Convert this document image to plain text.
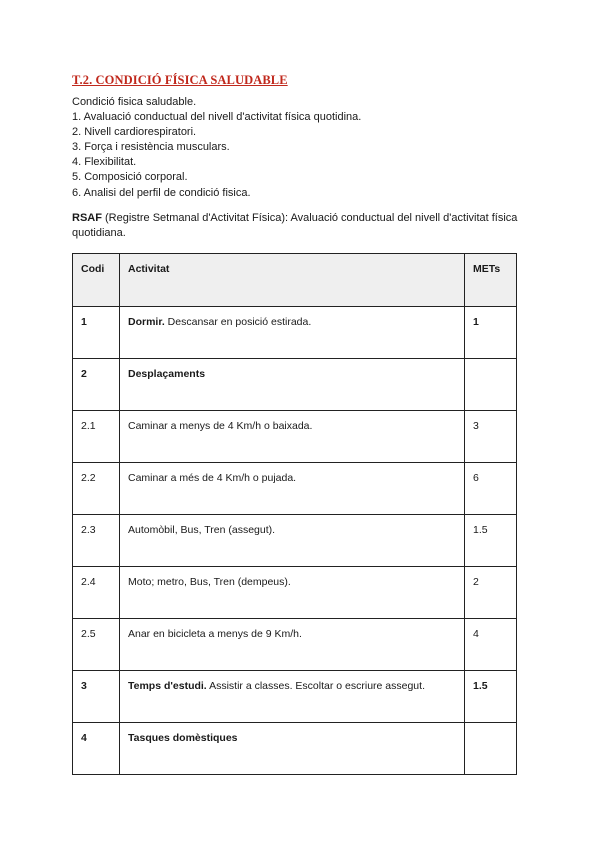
T.2. CONDICIÓ FÍSICA SALUDABLE
Condició fisica saludable.
1. Avaluació conductual del nivell d'activitat física quotidina.
2. Nivell cardiorespiratori.
3. Força i resistència musculars.
4. Flexibilitat.
5. Composició corporal.
6. Analisi del perfil de condició fisica.
RSAF (Registre Setmanal d'Activitat Física): Avaluació conductual del nivell d'activitat física quotidiana.
Codi	Activitat	METs
1	Dormir. Descansar en posició estirada.	1
2	Desplaçaments	
2.1	Caminar a menys de 4 Km/h o baixada.	3
2.2	Caminar a més de 4 Km/h o pujada.	6
2.3	Automòbil, Bus, Tren (assegut).	1.5
2.4	Moto; metro, Bus, Tren (dempeus).	2
2.5	Anar en bicicleta a menys de 9 Km/h.	4
3	Temps d'estudi. Assistir a classes. Escoltar o escriure assegut.	1.5
4	Tasques domèstiques	
